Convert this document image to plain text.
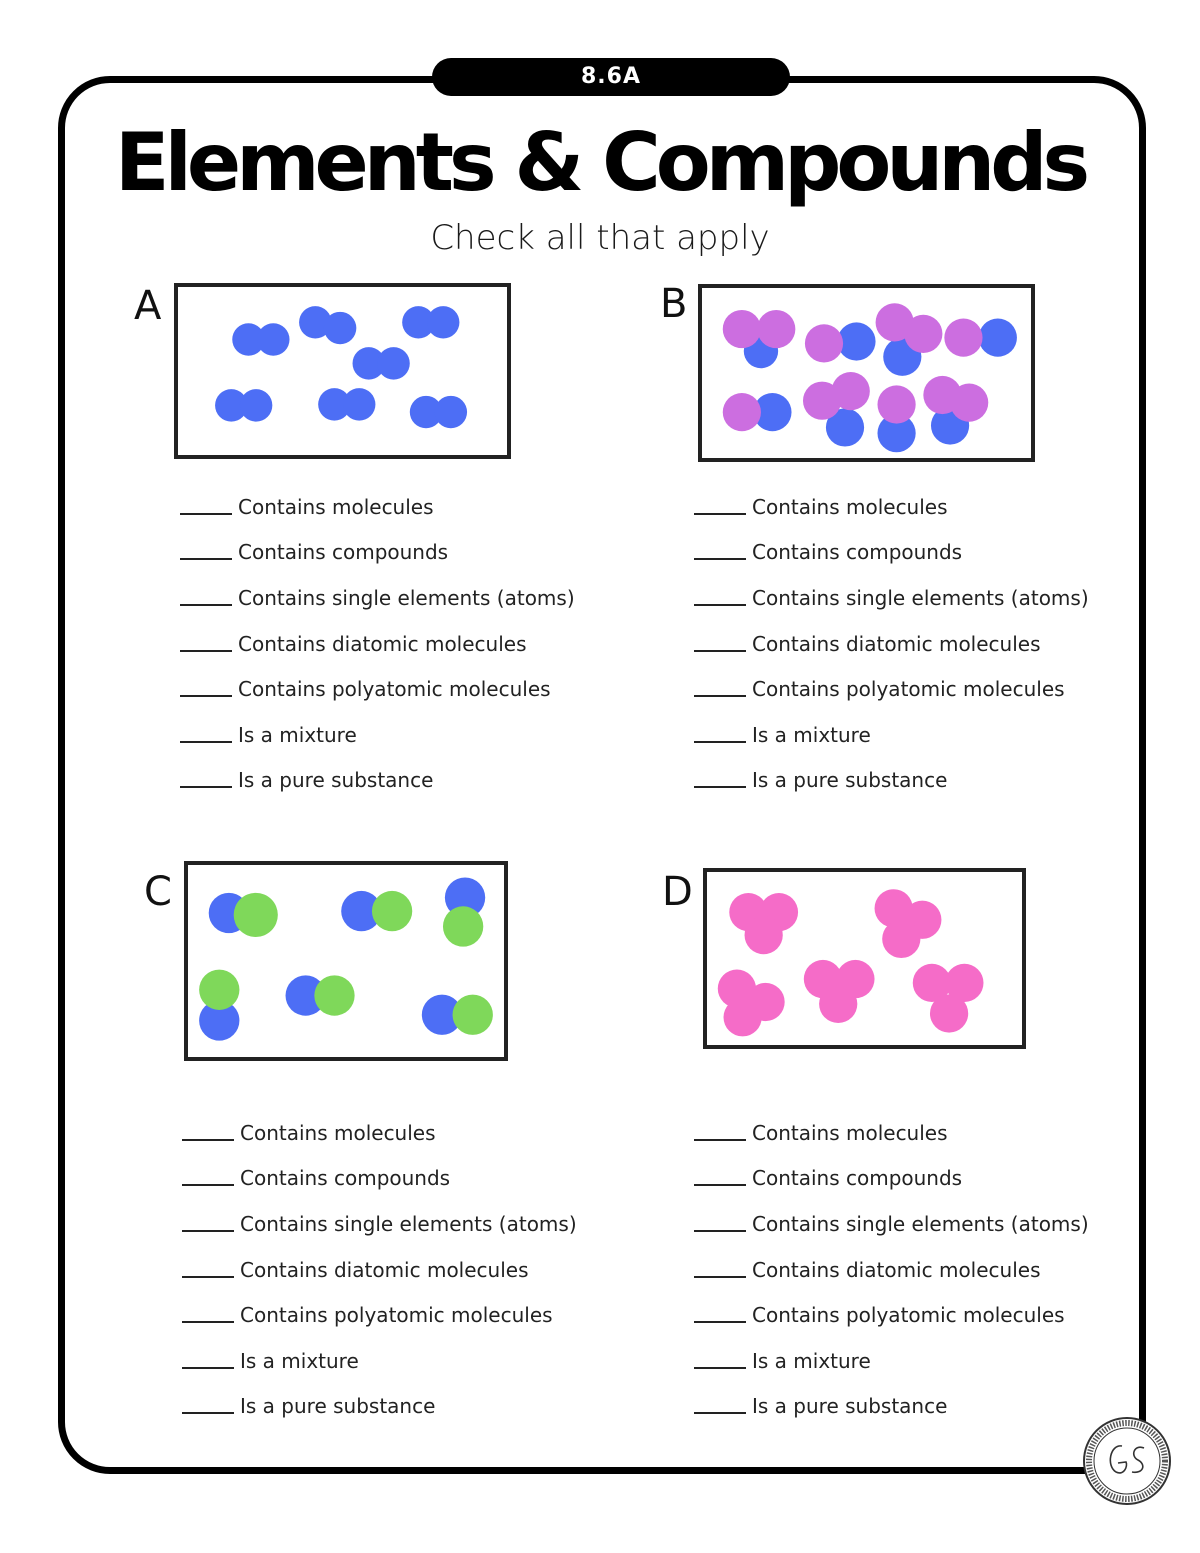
8.6A
Elements & Compounds

Check all that apply

A
Contains molecules
Contains compounds
Contains single elements (atoms)
Contains diatomic molecules
Contains polyatomic molecules
Is a mixture
Is a pure substance
B
Contains molecules
Contains compounds
Contains single elements (atoms)
Contains diatomic molecules
Contains polyatomic molecules
Is a mixture
Is a pure substance
C
Contains molecules
Contains compounds
Contains single elements (atoms)
Contains diatomic molecules
Contains polyatomic molecules
Is a mixture
Is a pure substance
D
Contains molecules
Contains compounds
Contains single elements (atoms)
Contains diatomic molecules
Contains polyatomic molecules
Is a mixture
Is a pure substance
